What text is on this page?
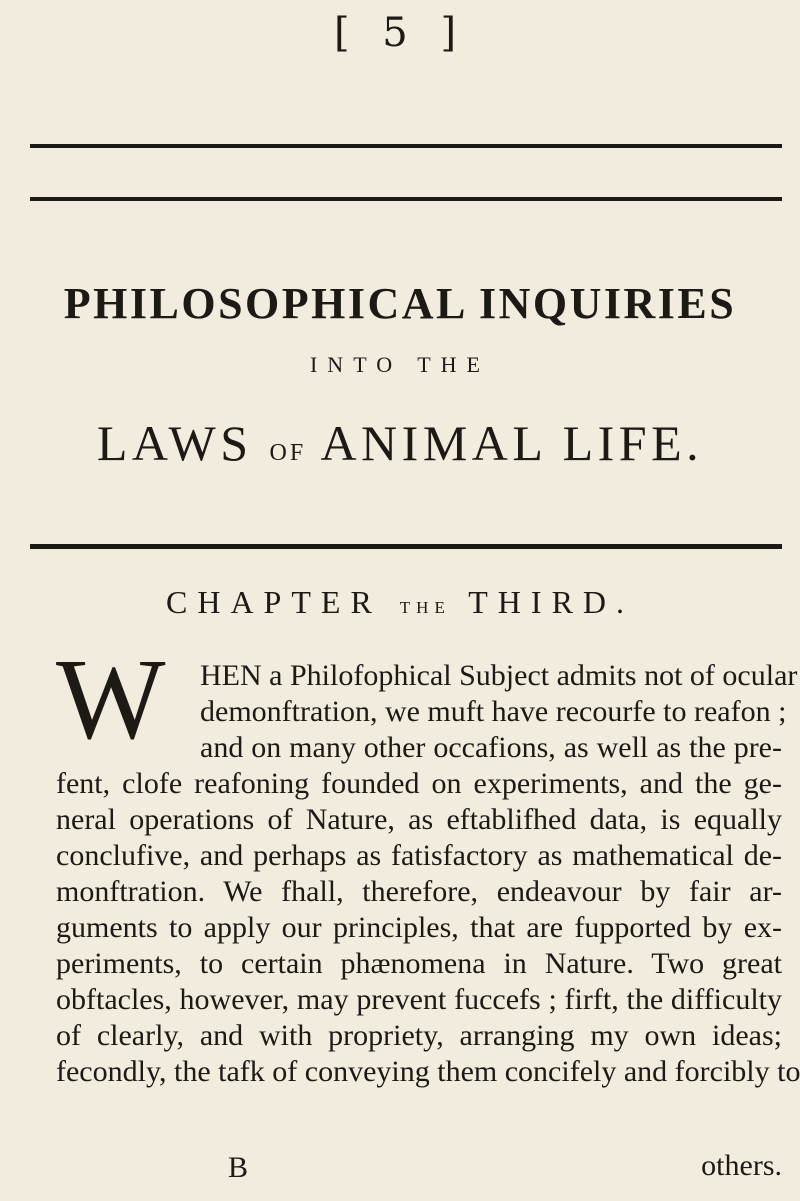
[ 5 ]
PHILOSOPHICAL INQUIRIES
INTO THE
LAWS OF ANIMAL LIFE.
CHAPTER THE THIRD.
W HEN a Philofophical Subject admits not of ocular
demonftration, we muft have recourfe to reafon ;
and on many other occafions, as well as the pre-
fent, clofe reafoning founded on experiments, and the ge-
neral operations of Nature, as eftablifhed data, is equally
conclufive, and perhaps as fatisfactory as mathematical de-
monftration. We fhall, therefore, endeavour by fair ar-
guments to apply our principles, that are fupported by ex-
periments, to certain phænomena in Nature. Two great
obftacles, however, may prevent fuccefs ; firft, the difficulty
of clearly, and with propriety, arranging my own ideas;
fecondly, the tafk of conveying them concifely and forcibly to
B	others.
